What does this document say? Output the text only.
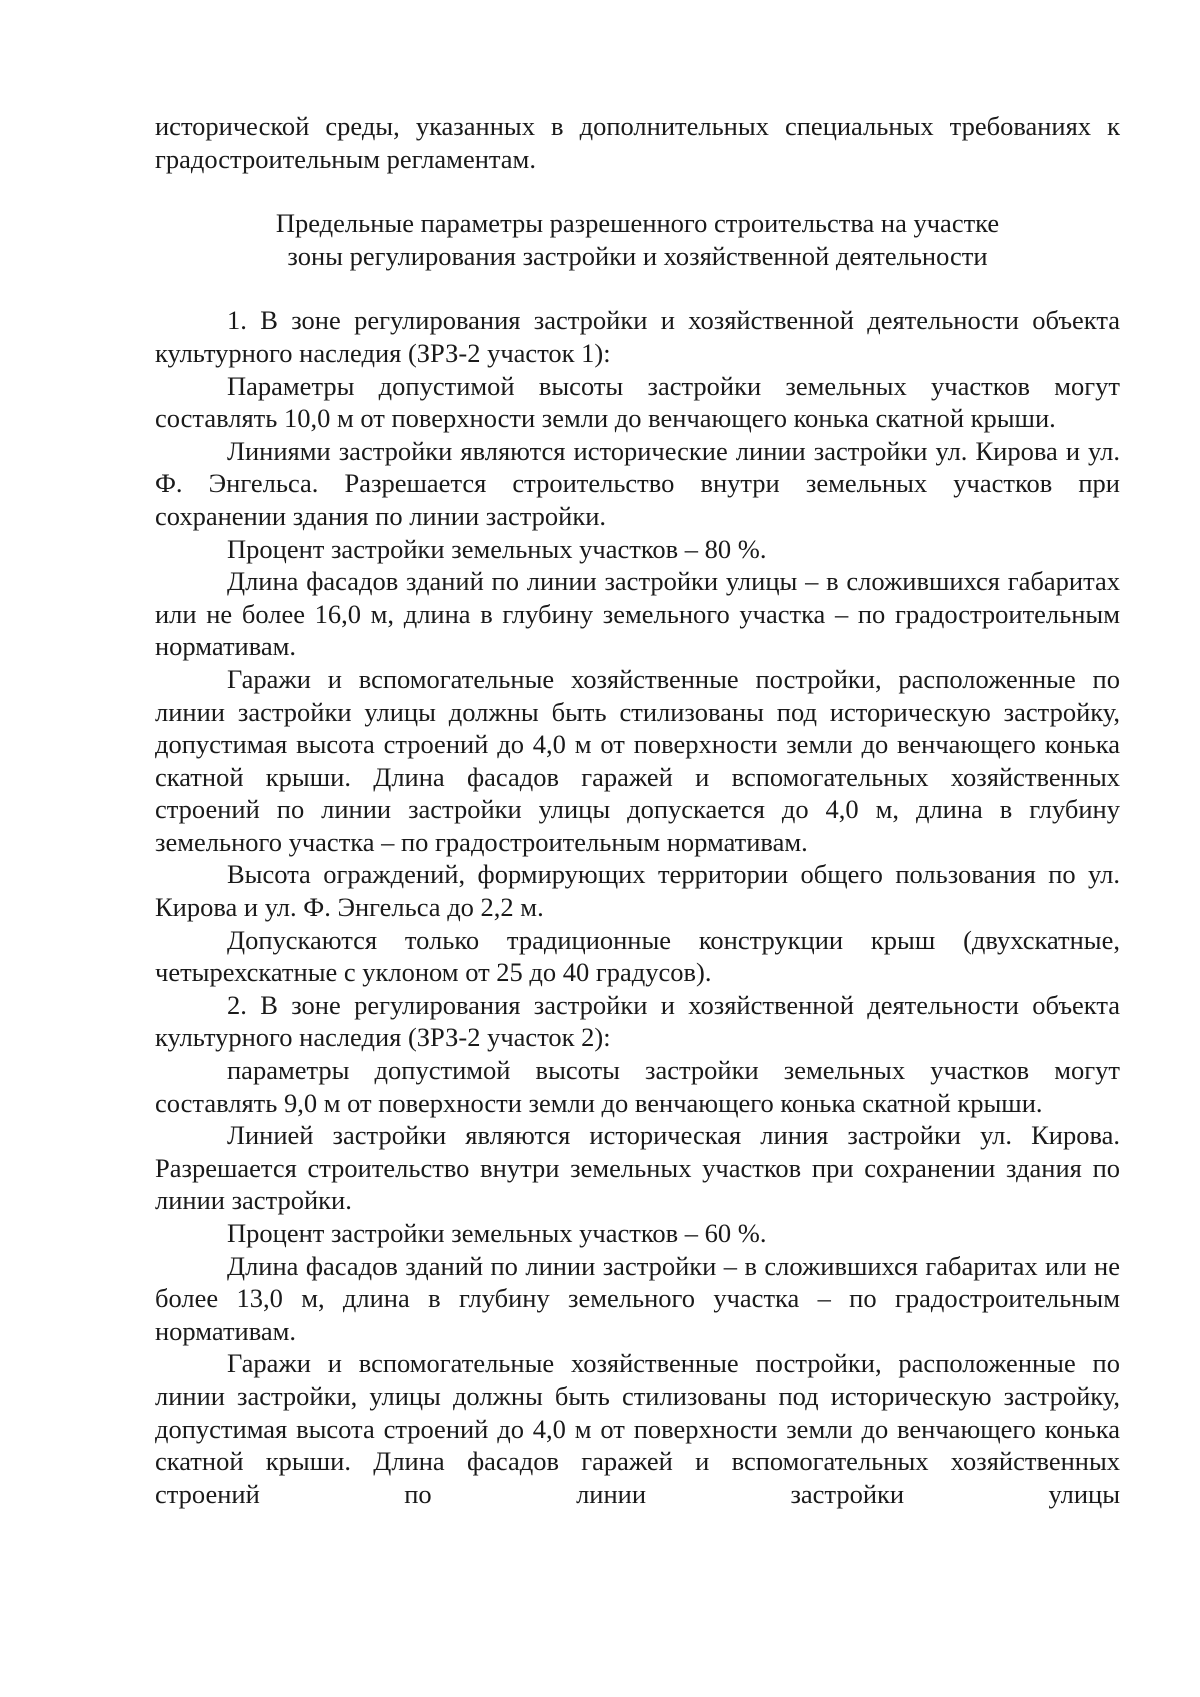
исторической среды, указанных в дополнительных специальных требованиях к градостроительным регламентам.

Предельные параметры разрешенного строительства на участке
зоны регулирования застройки и хозяйственной деятельности

1. В зоне регулирования застройки и хозяйственной деятельности объекта культурного наследия (ЗРЗ-2 участок 1):

Параметры допустимой высоты застройки земельных участков могут составлять 10,0 м от поверхности земли до венчающего конька скатной крыши.

Линиями застройки являются исторические линии застройки ул. Кирова и ул. Ф. Энгельса. Разрешается строительство внутри земельных участков при сохранении здания по линии застройки.

Процент застройки земельных участков – 80 %.

Длина фасадов зданий по линии застройки улицы – в сложившихся габаритах или не более 16,0 м, длина в глубину земельного участка – по градостроительным нормативам.

Гаражи и вспомогательные хозяйственные постройки, расположенные по линии застройки улицы должны быть стилизованы под историческую застройку, допустимая высота строений до 4,0 м от поверхности земли до венчающего конька скатной крыши. Длина фасадов гаражей и вспомогательных хозяйственных строений по линии застройки улицы допускается до 4,0 м, длина в глубину земельного участка – по градостроительным нормативам.

Высота ограждений, формирующих территории общего пользования по ул. Кирова и ул. Ф. Энгельса до 2,2 м.

Допускаются только традиционные конструкции крыш (двухскатные, четырехскатные с уклоном от 25 до 40 градусов).

2. В зоне регулирования застройки и хозяйственной деятельности объекта культурного наследия (ЗРЗ-2 участок 2):

параметры допустимой высоты застройки земельных участков могут составлять 9,0 м от поверхности земли до венчающего конька скатной крыши.

Линией застройки являются историческая линия застройки ул. Кирова. Разрешается строительство внутри земельных участков при сохранении здания по линии застройки.

Процент застройки земельных участков – 60 %.

Длина фасадов зданий по линии застройки – в сложившихся габаритах или не более 13,0 м, длина в глубину земельного участка – по градостроительным нормативам.

Гаражи и вспомогательные хозяйственные постройки, расположенные по линии застройки, улицы должны быть стилизованы под историческую застройку, допустимая высота строений до 4,0 м от поверхности земли до венчающего конька скатной крыши. Длина фасадов гаражей и вспомогательных хозяйственных строений по линии застройки улицы
